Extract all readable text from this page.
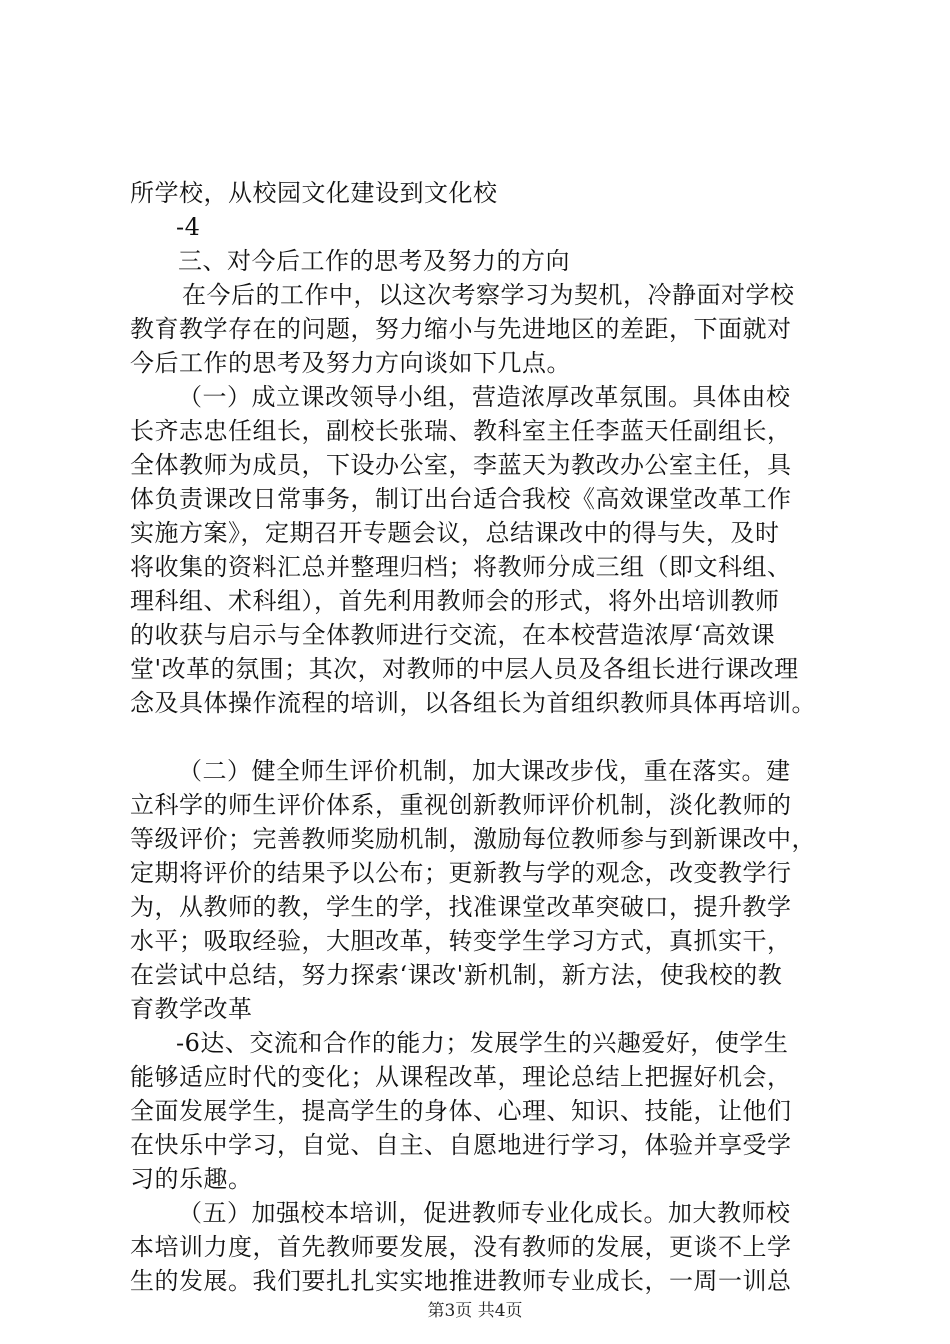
所学校，从校园文化建设到文化校
-4
三、对今后工作的思考及努力的方向
在今后的工作中，以这次考察学习为契机，冷静面对学校
教育教学存在的问题，努力缩小与先进地区的差距，下面就对
今后工作的思考及努力方向谈如下几点。
（一）成立课改领导小组，营造浓厚改革氛围。具体由校
长齐志忠任组长，副校长张瑞、教科室主任李蓝天任副组长，
全体教师为成员，下设办公室，李蓝天为教改办公室主任，具
体负责课改日常事务，制订出台适合我校《高效课堂改革工作
实施方案》，定期召开专题会议，总结课改中的得与失，及时
将收集的资料汇总并整理归档；将教师分成三组（即文科组、
理科组、术科组），首先利用教师会的形式，将外出培训教师
的收获与启示与全体教师进行交流，在本校营造浓厚‘高效课
堂'改革的氛围；其次，对教师的中层人员及各组长进行课改理
念及具体操作流程的培训，以各组长为首组织教师具体再培训。
（二）健全师生评价机制，加大课改步伐，重在落实。建
立科学的师生评价体系，重视创新教师评价机制，淡化教师的
等级评价；完善教师奖励机制，激励每位教师参与到新课改中，
定期将评价的结果予以公布；更新教与学的观念，改变教学行
为，从教师的教，学生的学，找准课堂改革突破口，提升教学
水平；吸取经验，大胆改革，转变学生学习方式，真抓实干，
在尝试中总结，努力探索‘课改'新机制，新方法，使我校的教
育教学改革
-6达、交流和合作的能力；发展学生的兴趣爱好，使学生
能够适应时代的变化；从课程改革，理论总结上把握好机会，
全面发展学生，提高学生的身体、心理、知识、技能，让他们
在快乐中学习，自觉、自主、自愿地进行学习，体验并享受学
习的乐趣。
（五）加强校本培训，促进教师专业化成长。加大教师校
本培训力度，首先教师要发展，没有教师的发展，更谈不上学
生的发展。我们要扎扎实实地推进教师专业成长，一周一训总
第3页 共4页
